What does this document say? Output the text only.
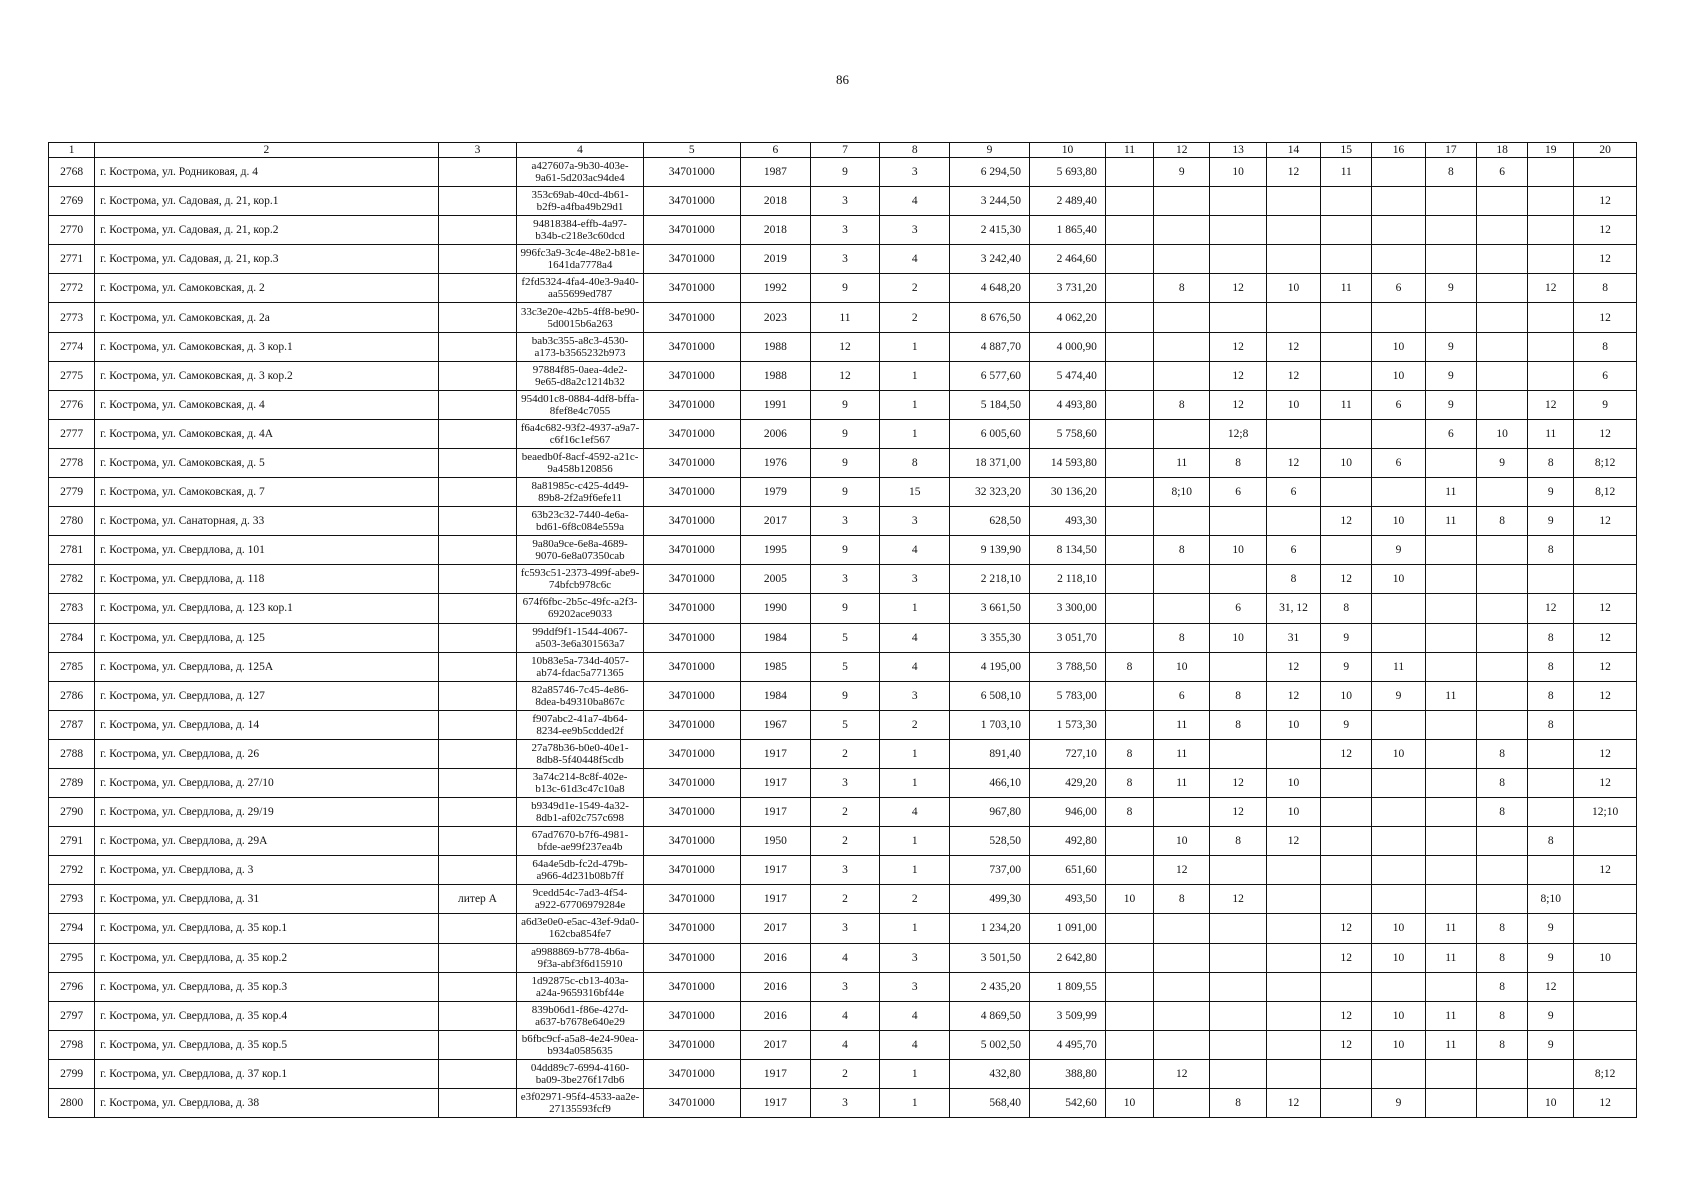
86
1	2	3	4	5	6	7	8	9	10	11	12	13	14	15	16	17	18	19	20
2768	г. Кострома, ул. Родниковая, д. 4		a427607a-9b30-403e-9a61-5d203ac94de4	34701000	1987	9	3	6 294,50	5 693,80		9	10	12	11		8	6		
2769	г. Кострома, ул. Садовая, д. 21, кор.1		353c69ab-40cd-4b61-b2f9-a4fba49b29d1	34701000	2018	3	4	3 244,50	2 489,40										12
2770	г. Кострома, ул. Садовая, д. 21, кор.2		94818384-effb-4a97-b34b-c218e3c60dcd	34701000	2018	3	3	2 415,30	1 865,40										12
2771	г. Кострома, ул. Садовая, д. 21, кор.3		996fc3a9-3c4e-48e2-b81e-1641da7778a4	34701000	2019	3	4	3 242,40	2 464,60										12
2772	г. Кострома, ул. Самоковская, д. 2		f2fd5324-4fa4-40e3-9a40-aa55699ed787	34701000	1992	9	2	4 648,20	3 731,20		8	12	10	11	6	9		12	8
2773	г. Кострома, ул. Самоковская, д. 2а		33c3e20e-42b5-4ff8-be90-5d0015b6a263	34701000	2023	11	2	8 676,50	4 062,20										12
2774	г. Кострома, ул. Самоковская, д. 3 кор.1		bab3c355-a8c3-4530-a173-b3565232b973	34701000	1988	12	1	4 887,70	4 000,90			12	12		10	9			8
2775	г. Кострома, ул. Самоковская, д. 3 кор.2		97884f85-0aea-4de2-9e65-d8a2c1214b32	34701000	1988	12	1	6 577,60	5 474,40			12	12		10	9			6
2776	г. Кострома, ул. Самоковская, д. 4		954d01c8-0884-4df8-bffa-8fef8e4c7055	34701000	1991	9	1	5 184,50	4 493,80		8	12	10	11	6	9		12	9
2777	г. Кострома, ул. Самоковская, д. 4А		f6a4c682-93f2-4937-a9a7-c6f16c1ef567	34701000	2006	9	1	6 005,60	5 758,60			12;8				6	10	11	12
2778	г. Кострома, ул. Самоковская, д. 5		beaedb0f-8acf-4592-a21c-9a458b120856	34701000	1976	9	8	18 371,00	14 593,80		11	8	12	10	6		9	8	8;12
2779	г. Кострома, ул. Самоковская, д. 7		8a81985c-c425-4d49-89b8-2f2a9f6efe11	34701000	1979	9	15	32 323,20	30 136,20		8;10	6	6			11		9	8,12
2780	г. Кострома, ул. Санаторная, д. 33		63b23c32-7440-4e6a-bd61-6f8c084e559a	34701000	2017	3	3	628,50	493,30					12	10	11	8	9	12
2781	г. Кострома, ул. Свердлова, д. 101		9a80a9ce-6e8a-4689-9070-6e8a07350cab	34701000	1995	9	4	9 139,90	8 134,50		8	10	6		9			8	
2782	г. Кострома, ул. Свердлова, д. 118		fc593c51-2373-499f-abe9-74bfcb978c6c	34701000	2005	3	3	2 218,10	2 118,10				8	12	10				
2783	г. Кострома, ул. Свердлова, д. 123 кор.1		674f6fbc-2b5c-49fc-a2f3-69202ace9033	34701000	1990	9	1	3 661,50	3 300,00			6	31, 12	8				12	12
2784	г. Кострома, ул. Свердлова, д. 125		99ddf9f1-1544-4067-a503-3e6a301563a7	34701000	1984	5	4	3 355,30	3 051,70		8	10	31	9				8	12
2785	г. Кострома, ул. Свердлова, д. 125А		10b83e5a-734d-4057-ab74-fdac5a771365	34701000	1985	5	4	4 195,00	3 788,50	8	10		12	9	11			8	12
2786	г. Кострома, ул. Свердлова, д. 127		82a85746-7c45-4e86-8dea-b49310ba867c	34701000	1984	9	3	6 508,10	5 783,00		6	8	12	10	9	11		8	12
2787	г. Кострома, ул. Свердлова, д. 14		f907abc2-41a7-4b64-8234-ee9b5cdded2f	34701000	1967	5	2	1 703,10	1 573,30		11	8	10	9				8	
2788	г. Кострома, ул. Свердлова, д. 26		27a78b36-b0e0-40e1-8db8-5f40448f5cdb	34701000	1917	2	1	891,40	727,10	8	11			12	10		8		12
2789	г. Кострома, ул. Свердлова, д. 27/10		3a74c214-8c8f-402e-b13c-61d3c47c10a8	34701000	1917	3	1	466,10	429,20	8	11	12	10				8		12
2790	г. Кострома, ул. Свердлова, д. 29/19		b9349d1e-1549-4a32-8db1-af02c757c698	34701000	1917	2	4	967,80	946,00	8		12	10				8		12;10
2791	г. Кострома, ул. Свердлова, д. 29А		67ad7670-b7f6-4981-bfde-ae99f237ea4b	34701000	1950	2	1	528,50	492,80		10	8	12					8	
2792	г. Кострома, ул. Свердлова, д. 3		64a4e5db-fc2d-479b-a966-4d231b08b7ff	34701000	1917	3	1	737,00	651,60		12								12
2793	г. Кострома, ул. Свердлова, д. 31	литер А	9cedd54c-7ad3-4f54-a922-67706979284e	34701000	1917	2	2	499,30	493,50	10	8	12						8;10	
2794	г. Кострома, ул. Свердлова, д. 35 кор.1		a6d3e0e0-e5ac-43ef-9da0-162cba854fe7	34701000	2017	3	1	1 234,20	1 091,00					12	10	11	8	9	
2795	г. Кострома, ул. Свердлова, д. 35 кор.2		a9988869-b778-4b6a-9f3a-abf3f6d15910	34701000	2016	4	3	3 501,50	2 642,80					12	10	11	8	9	10
2796	г. Кострома, ул. Свердлова, д. 35 кор.3		1d92875c-cb13-403a-a24a-9659316bf44e	34701000	2016	3	3	2 435,20	1 809,55								8	12	
2797	г. Кострома, ул. Свердлова, д. 35 кор.4		839b06d1-f86e-427d-a637-b7678e640e29	34701000	2016	4	4	4 869,50	3 509,99					12	10	11	8	9	
2798	г. Кострома, ул. Свердлова, д. 35 кор.5		b6fbc9cf-a5a8-4e24-90ea-b934a0585635	34701000	2017	4	4	5 002,50	4 495,70					12	10	11	8	9	
2799	г. Кострома, ул. Свердлова, д. 37 кор.1		04dd89c7-6994-4160-ba09-3be276f17db6	34701000	1917	2	1	432,80	388,80		12								8;12
2800	г. Кострома, ул. Свердлова, д. 38		e3f02971-95f4-4533-aa2e-27135593fcf9	34701000	1917	3	1	568,40	542,60	10		8	12		9			10	12
